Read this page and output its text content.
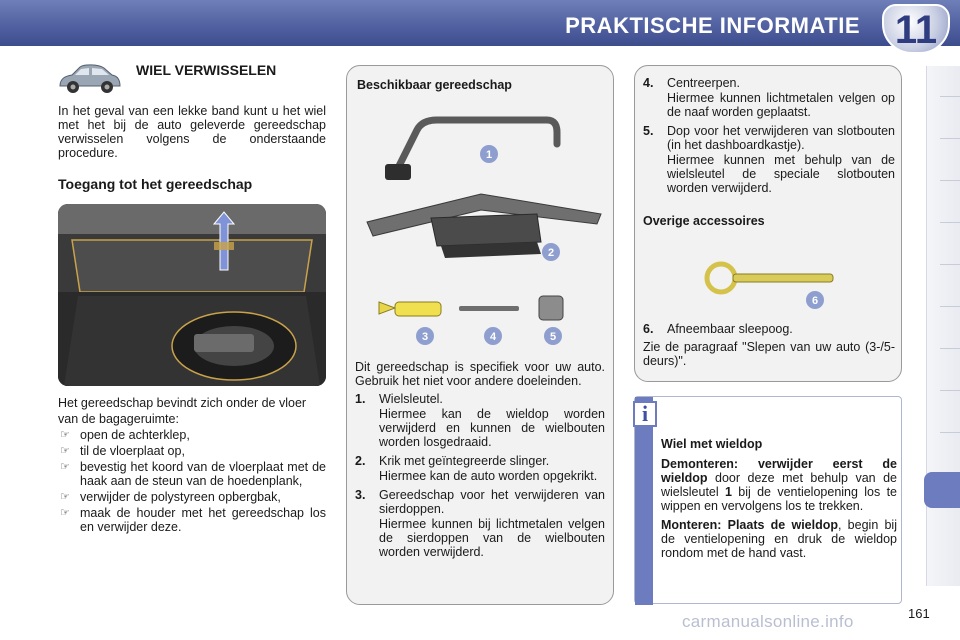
PRAKTISCHE INFORMATIE 11
WIEL VERWISSELEN
In het geval van een lekke band kunt u het wiel met het bij de auto geleverde gereedschap verwisselen volgens de onderstaande procedure.
Toegang tot het gereedschap
Het gereedschap bevindt zich onder de vloer
van de bagageruimte:
☞ open de achterklep,
☞ til de vloerplaat op,
☞ bevestig het koord van de vloerplaat met de haak aan de steun van de hoedenplank,
☞ verwijder de polystyreen opbergbak,
☞ maak de houder met het gereedschap los en verwijder deze.
Beschikbaar gereedschap
1
2
3	4	5

Dit gereedschap is specifiek voor uw auto. Gebruik het niet voor andere doeleinden.

1. Wielsleutel.
Hiermee kan de wieldop worden verwijderd en kunnen de wielbouten worden losgedraaid.
2. Krik met geïntegreerde slinger.
Hiermee kan de auto worden opgekrikt.
3. Gereedschap voor het verwijderen van sierdoppen.
Hiermee kunnen bij lichtmetalen velgen de sierdoppen van de wielbouten worden verwijderd.
4. Centreerpen.
Hiermee kunnen lichtmetalen velgen op de naaf worden geplaatst.
5. Dop voor het verwijderen van slotbouten (in het dashboardkastje).
Hiermee kunnen met behulp van de wielsleutel de speciale slotbouten worden verwijderd.
Overige accessoires
6
6. Afneembaar sleepoog.

Zie de paragraaf "Slepen van uw auto (3-/5-deurs)".

i

Wiel met wieldop

Demonteren: verwijder eerst de wieldop door deze met behulp van de wielsleutel 1 bij de ventielopening los te wippen en vervolgens los te trekken.

Monteren: Plaats de wieldop, begin bij de ventielopening en druk de wieldop rondom met de hand vast.

161
carmanualsonline.info
